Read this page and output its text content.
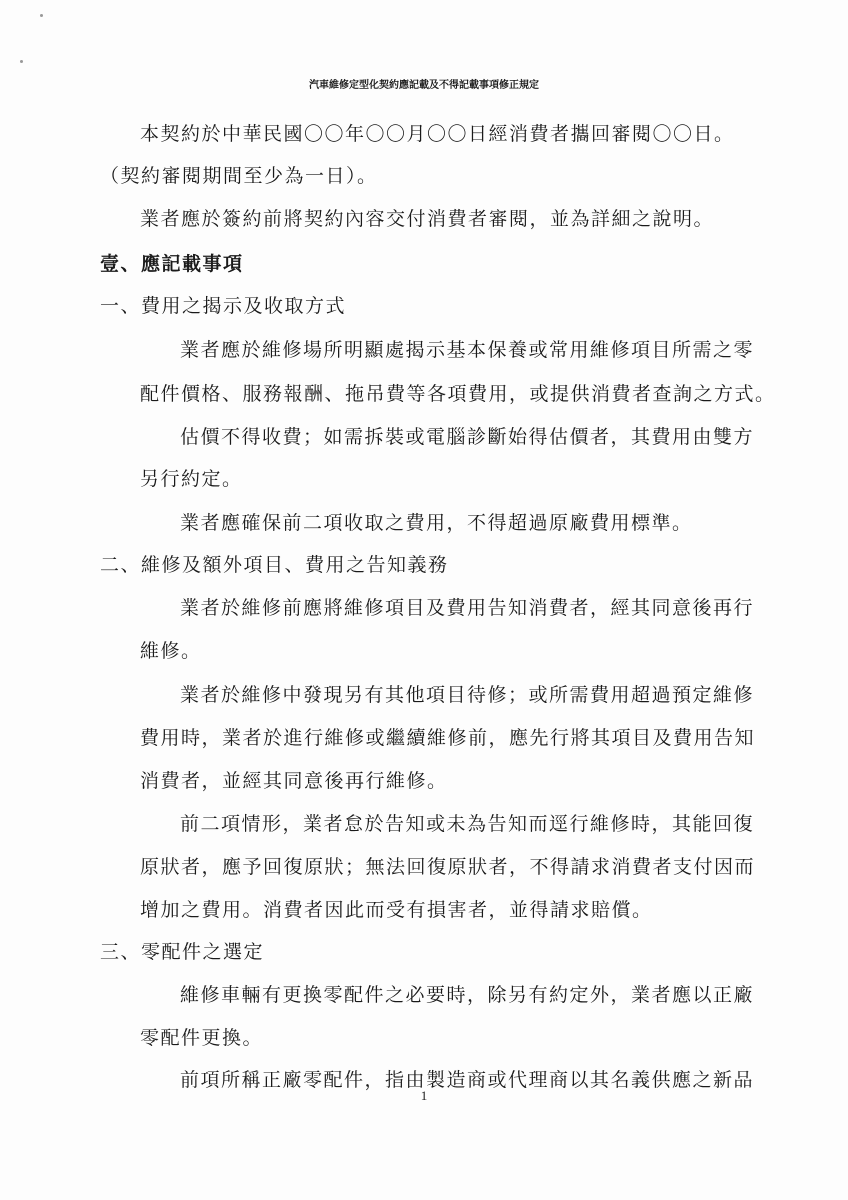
汽車維修定型化契約應記載及不得記載事項修正規定
本契約於中華民國〇〇年〇〇月〇〇日經消費者攜回審閱〇〇日。
（契約審閱期間至少為一日）。
業者應於簽約前將契約內容交付消費者審閱，並為詳細之說明。
壹、應記載事項
一、費用之揭示及收取方式
業者應於維修場所明顯處揭示基本保養或常用維修項目所需之零
配件價格、服務報酬、拖吊費等各項費用，或提供消費者查詢之方式。
估價不得收費；如需拆裝或電腦診斷始得估價者，其費用由雙方
另行約定。
業者應確保前二項收取之費用，不得超過原廠費用標準。
二、維修及額外項目、費用之告知義務
業者於維修前應將維修項目及費用告知消費者，經其同意後再行
維修。
業者於維修中發現另有其他項目待修；或所需費用超過預定維修
費用時，業者於進行維修或繼續維修前，應先行將其項目及費用告知
消費者，並經其同意後再行維修。
前二項情形，業者怠於告知或未為告知而逕行維修時，其能回復
原狀者，應予回復原狀；無法回復原狀者，不得請求消費者支付因而
增加之費用。消費者因此而受有損害者，並得請求賠償。
三、零配件之選定
維修車輛有更換零配件之必要時，除另有約定外，業者應以正廠
零配件更換。
前項所稱正廠零配件，指由製造商或代理商以其名義供應之新品
1
